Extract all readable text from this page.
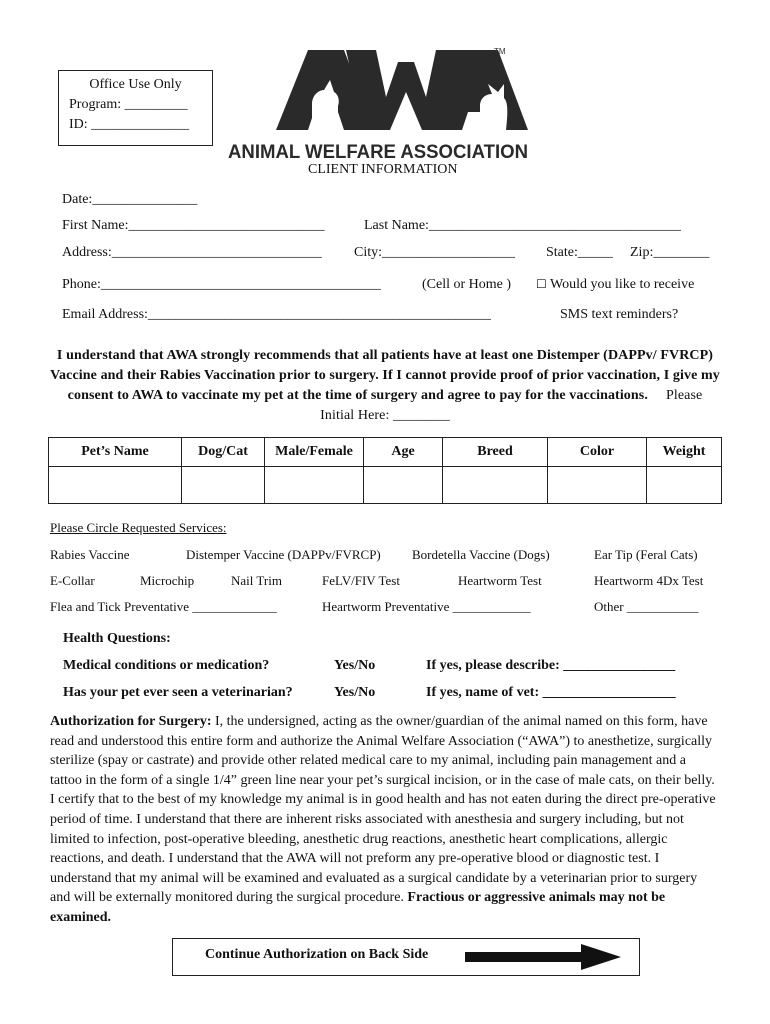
Office Use Only
Program: _________
ID: ______________
TM
ANIMAL WELFARE ASSOCIATION
CLIENT INFORMATION
Date:_______________
First Name:____________________________	Last Name:____________________________________
Address:______________________________ City:___________________ State:_____ Zip:________
Phone:________________________________________	(Cell or Home ) ☐ Would you like to receive
Email Address:_________________________________________________	SMS text reminders?
I understand that AWA strongly recommends that all patients have at least one Distemper (DAPPv/ FVRCP) Vaccine and their Rabies Vaccination prior to surgery. If I cannot provide proof of prior vaccination, I give my consent to AWA to vaccinate my pet at the time of surgery and agree to pay for the vaccinations. Please Initial Here: ________
Pet’s Name	Dog/Cat	Male/Female	Age	Breed	Color	Weight

Please Circle Requested Services:
Rabies Vaccine	Distemper Vaccine (DAPPv/FVRCP) Bordetella Vaccine (Dogs)	Ear Tip (Feral Cats)
E-Collar	Microchip	Nail Trim	FeLV/FIV Test	Heartworm Test	Heartworm 4Dx Test
Flea and Tick Preventative _____________	Heartworm Preventative ____________	Other ___________
Health Questions:
Medical conditions or medication?	Yes/No	If yes, please describe: ________________
Has your pet ever seen a veterinarian?	Yes/No	If yes, name of vet: ___________________
Authorization for Surgery: I, the undersigned, acting as the owner/guardian of the animal named on this form, have read and understood this entire form and authorize the Animal Welfare Association (“AWA”) to anesthetize, surgically sterilize (spay or castrate) and provide other related medical care to my animal, including pain management and a tattoo in the form of a single 1/4” green line near your pet’s surgical incision, or in the case of male cats, on their belly. I certify that to the best of my knowledge my animal is in good health and has not eaten during the direct pre-operative period of time. I understand that there are inherent risks associated with anesthesia and surgery including, but not limited to infection, post-operative bleeding, anesthetic drug reactions, anesthetic heart complications, allergic reactions, and death. I understand that the AWA will not preform any pre-operative blood or diagnostic test. I understand that my animal will be examined and evaluated as a surgical candidate by a veterinarian prior to surgery and will be externally monitored during the surgical procedure. Fractious or aggressive animals may not be examined.
Continue Authorization on Back Side
